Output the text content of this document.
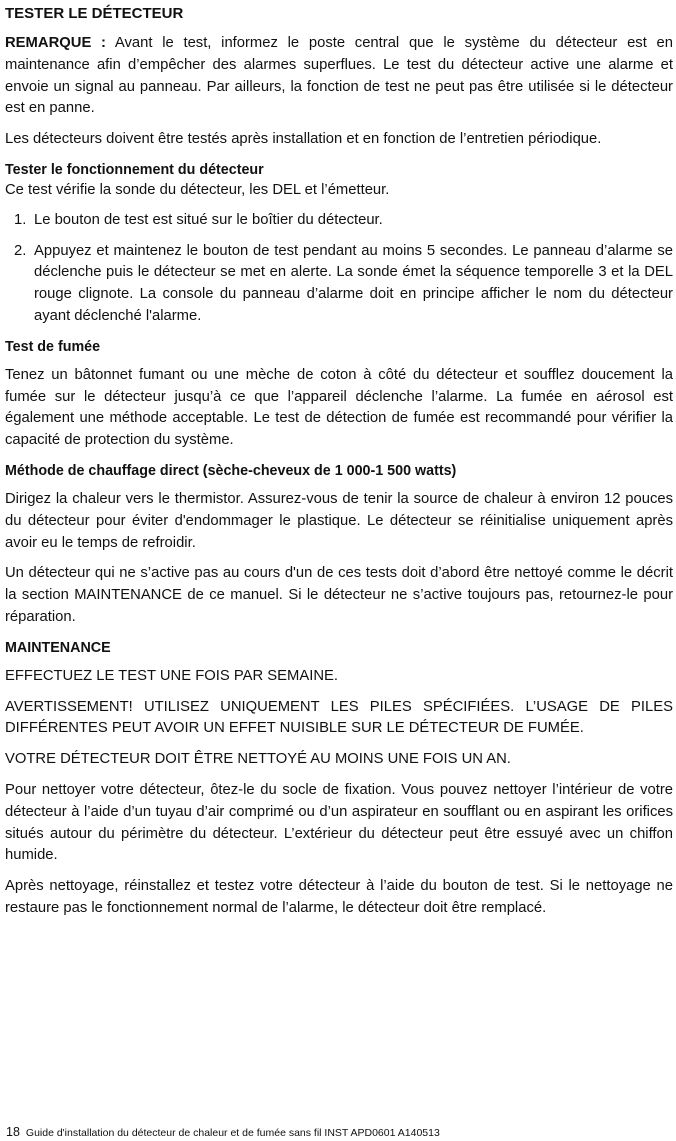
TESTER LE DÉTECTEUR

REMARQUE : Avant le test, informez le poste central que le système du détecteur est en maintenance afin d’empêcher des alarmes superflues. Le test du détecteur active une alarme et envoie un signal au panneau. Par ailleurs, la fonction de test ne peut pas être utilisée si le détecteur est en panne.

Les détecteurs doivent être testés après installation et en fonction de l’entretien périodique.

Tester le fonctionnement du détecteur

Ce test vérifie la sonde du détecteur, les DEL et l’émetteur.

1. Le bouton de test est situé sur le boîtier du détecteur.
2. Appuyez et maintenez le bouton de test pendant au moins 5 secondes. Le panneau d’alarme se déclenche puis le détecteur se met en alerte. La sonde émet la séquence temporelle 3 et la DEL rouge clignote. La console du panneau d’alarme doit en principe afficher le nom du détecteur ayant déclenché l'alarme.
Test de fumée

Tenez un bâtonnet fumant ou une mèche de coton à côté du détecteur et soufflez doucement la fumée sur le détecteur jusqu’à ce que l’appareil déclenche l’alarme. La fumée en aérosol est également une méthode acceptable. Le test de détection de fumée est recommandé pour vérifier la capacité de protection du système.

Méthode de chauffage direct (sèche-cheveux de 1 000-1 500 watts)

Dirigez la chaleur vers le thermistor. Assurez-vous de tenir la source de chaleur à environ 12 pouces du détecteur pour éviter d'endommager le plastique. Le détecteur se réinitialise uniquement après avoir eu le temps de refroidir.

Un détecteur qui ne s’active pas au cours d'un de ces tests doit d’abord être nettoyé comme le décrit la section MAINTENANCE de ce manuel. Si le détecteur ne s’active toujours pas, retournez-le pour réparation.

MAINTENANCE

EFFECTUEZ LE TEST UNE FOIS PAR SEMAINE.

AVERTISSEMENT! UTILISEZ UNIQUEMENT LES PILES SPÉCIFIÉES. L’USAGE DE PILES DIFFÉRENTES PEUT AVOIR UN EFFET NUISIBLE SUR LE DÉTECTEUR DE FUMÉE.

VOTRE DÉTECTEUR DOIT ÊTRE NETTOYÉ AU MOINS UNE FOIS UN AN.

Pour nettoyer votre détecteur, ôtez-le du socle de fixation. Vous pouvez nettoyer l’intérieur de votre détecteur à l’aide d’un tuyau d’air comprimé ou d’un aspirateur en soufflant ou en aspirant les orifices situés autour du périmètre du détecteur. L’extérieur du détecteur peut être essuyé avec un chiffon humide.

Après nettoyage, réinstallez et testez votre détecteur à l’aide du bouton de test. Si le nettoyage ne restaure pas le fonctionnement normal de l’alarme, le détecteur doit être remplacé.

18 Guide d'installation du détecteur de chaleur et de fumée sans fil INST APD0601 A140513
